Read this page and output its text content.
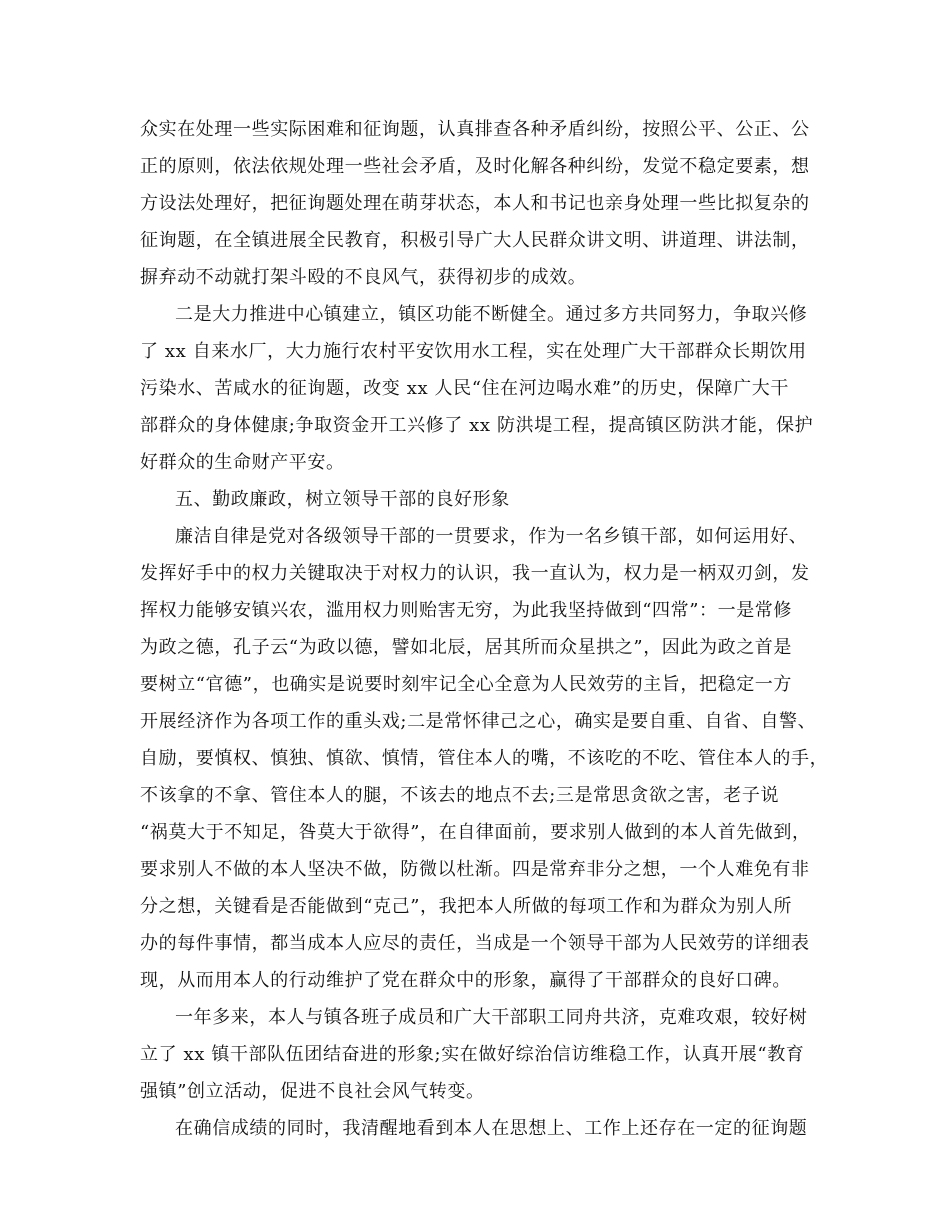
众实在处理一些实际困难和征询题，认真排查各种矛盾纠纷，按照公平、公正、公
正的原则，依法依规处理一些社会矛盾，及时化解各种纠纷，发觉不稳定要素，想
方设法处理好，把征询题处理在萌芽状态，本人和书记也亲身处理一些比拟复杂的
征询题，在全镇进展全民教育，积极引导广大人民群众讲文明、讲道理、讲法制，
摒弃动不动就打架斗殴的不良风气，获得初步的成效。
二是大力推进中心镇建立，镇区功能不断健全。通过多方共同努力，争取兴修
了 xx 自来水厂，大力施行农村平安饮用水工程，实在处理广大干部群众长期饮用
污染水、苦咸水的征询题，改变 xx 人民“住在河边喝水难”的历史，保障广大干
部群众的身体健康;争取资金开工兴修了 xx 防洪堤工程，提高镇区防洪才能，保护
好群众的生命财产平安。
五、勤政廉政，树立领导干部的良好形象
廉洁自律是党对各级领导干部的一贯要求，作为一名乡镇干部，如何运用好、
发挥好手中的权力关键取决于对权力的认识，我一直认为，权力是一柄双刃剑，发
挥权力能够安镇兴农，滥用权力则贻害无穷，为此我坚持做到“四常”：一是常修
为政之德，孔子云“为政以德，譬如北辰，居其所而众星拱之”，因此为政之首是
要树立“官德”，也确实是说要时刻牢记全心全意为人民效劳的主旨，把稳定一方
开展经济作为各项工作的重头戏;二是常怀律己之心，确实是要自重、自省、自警、
自励，要慎权、慎独、慎欲、慎情，管住本人的嘴，不该吃的不吃、管住本人的手，
不该拿的不拿、管住本人的腿，不该去的地点不去;三是常思贪欲之害，老子说
“祸莫大于不知足，咎莫大于欲得”，在自律面前，要求别人做到的本人首先做到，
要求别人不做的本人坚决不做，防微以杜渐。四是常弃非分之想，一个人难免有非
分之想，关键看是否能做到“克己”，我把本人所做的每项工作和为群众为别人所
办的每件事情，都当成本人应尽的责任，当成是一个领导干部为人民效劳的详细表
现，从而用本人的行动维护了党在群众中的形象，赢得了干部群众的良好口碑。
一年多来，本人与镇各班子成员和广大干部职工同舟共济，克难攻艰，较好树
立了 xx 镇干部队伍团结奋进的形象;实在做好综治信访维稳工作，认真开展“教育
强镇”创立活动，促进不良社会风气转变。
在确信成绩的同时，我清醒地看到本人在思想上、工作上还存在一定的征询题
